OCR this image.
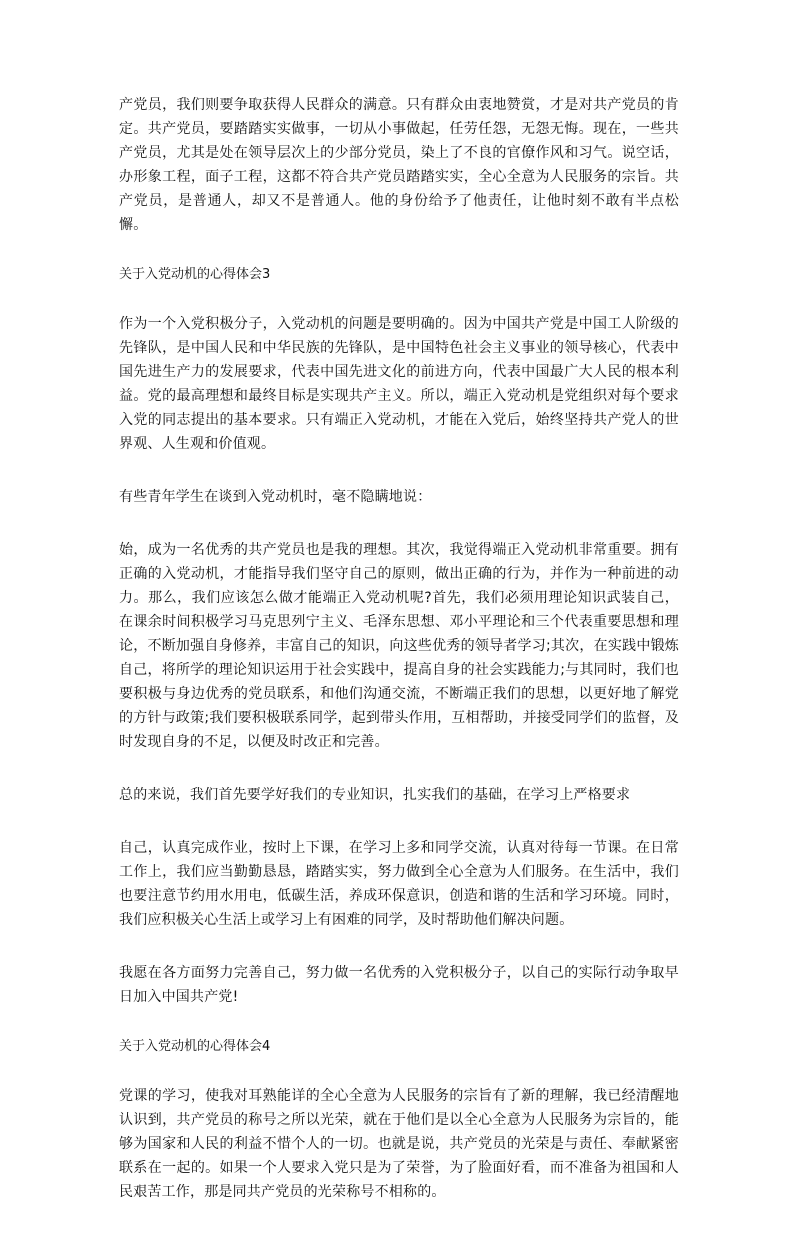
产党员，我们则要争取获得人民群众的满意。只有群众由衷地赞赏，才是对共产党员的肯定。共产党员，要踏踏实实做事，一切从小事做起，任劳任怨，无怨无悔。现在，一些共产党员，尤其是处在领导层次上的少部分党员，染上了不良的官僚作风和习气。说空话，办形象工程，面子工程，这都不符合共产党员踏踏实实，全心全意为人民服务的宗旨。共产党员，是普通人，却又不是普通人。他的身份给予了他责任，让他时刻不敢有半点松懈。

关于入党动机的心得体会3

作为一个入党积极分子，入党动机的问题是要明确的。因为中国共产党是中国工人阶级的先锋队，是中国人民和中华民族的先锋队，是中国特色社会主义事业的领导核心，代表中国先进生产力的发展要求，代表中国先进文化的前进方向，代表中国最广大人民的根本利益。党的最高理想和最终目标是实现共产主义。所以，端正入党动机是党组织对每个要求入党的同志提出的基本要求。只有端正入党动机，才能在入党后，始终坚持共产党人的世界观、人生观和价值观。

有些青年学生在谈到入党动机时，毫不隐瞒地说：

始，成为一名优秀的共产党员也是我的理想。其次，我觉得端正入党动机非常重要。拥有正确的入党动机，才能指导我们坚守自己的原则，做出正确的行为，并作为一种前进的动力。那么，我们应该怎么做才能端正入党动机呢?首先，我们必须用理论知识武装自己，在课余时间积极学习马克思列宁主义、毛泽东思想、邓小平理论和三个代表重要思想和理论，不断加强自身修养，丰富自己的知识，向这些优秀的领导者学习;其次，在实践中锻炼自己，将所学的理论知识运用于社会实践中，提高自身的社会实践能力;与其同时，我们也要积极与身边优秀的党员联系，和他们沟通交流，不断端正我们的思想，以更好地了解党的方针与政策;我们要积极联系同学，起到带头作用，互相帮助，并接受同学们的监督，及时发现自身的不足，以便及时改正和完善。

总的来说，我们首先要学好我们的专业知识，扎实我们的基础，在学习上严格要求

自己，认真完成作业，按时上下课，在学习上多和同学交流，认真对待每一节课。在日常工作上，我们应当勤勤恳恳，踏踏实实，努力做到全心全意为人们服务。在生活中，我们也要注意节约用水用电，低碳生活，养成环保意识，创造和谐的生活和学习环境。同时，我们应积极关心生活上或学习上有困难的同学，及时帮助他们解决问题。

我愿在各方面努力完善自己，努力做一名优秀的入党积极分子，以自己的实际行动争取早日加入中国共产党!

关于入党动机的心得体会4

党课的学习，使我对耳熟能详的全心全意为人民服务的宗旨有了新的理解，我已经清醒地认识到，共产党员的称号之所以光荣，就在于他们是以全心全意为人民服务为宗旨的，能够为国家和人民的利益不惜个人的一切。也就是说，共产党员的光荣是与责任、奉献紧密联系在一起的。如果一个人要求入党只是为了荣誉，为了脸面好看，而不准备为祖国和人民艰苦工作，那是同共产党员的光荣称号不相称的。
